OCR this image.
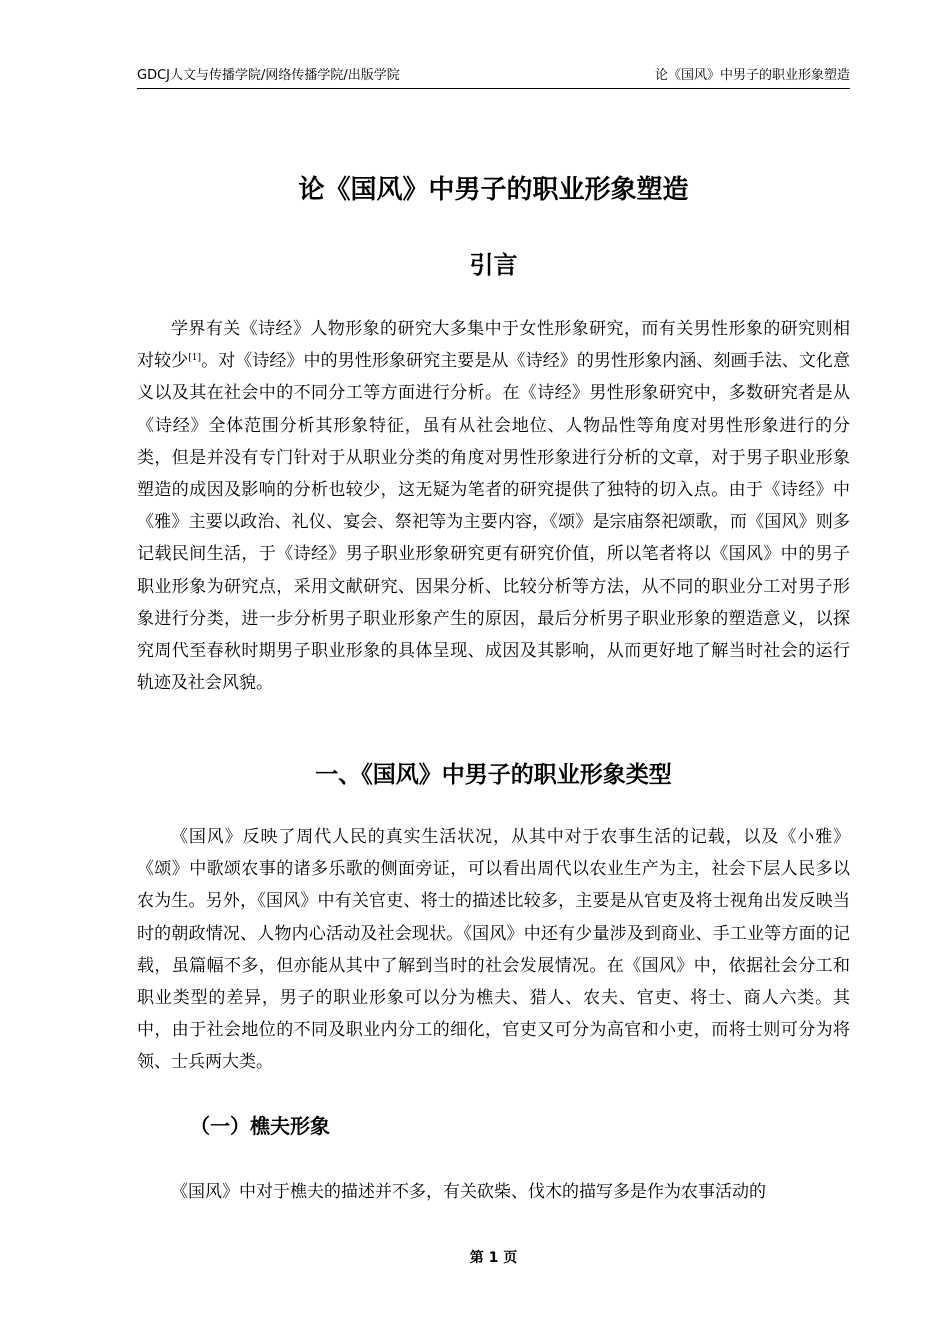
GDCJ人文与传播学院/网络传播学院/出版学院	论《国风》中男子的职业形象塑造
论《国风》中男子的职业形象塑造
引言

学界有关《诗经》人物形象的研究大多集中于女性形象研究，而有关男性形象的研究则相对较少[1]。对《诗经》中的男性形象研究主要是从《诗经》的男性形象内涵、刻画手法、文化意义以及其在社会中的不同分工等方面进行分析。在《诗经》男性形象研究中，多数研究者是从《诗经》全体范围分析其形象特征，虽有从社会地位、人物品性等角度对男性形象进行的分类，但是并没有专门针对于从职业分类的角度对男性形象进行分析的文章，对于男子职业形象塑造的成因及影响的分析也较少，这无疑为笔者的研究提供了独特的切入点。由于《诗经》中《雅》主要以政治、礼仪、宴会、祭祀等为主要内容，《颂》是宗庙祭祀颂歌，而《国风》则多记载民间生活，于《诗经》男子职业形象研究更有研究价值，所以笔者将以《国风》中的男子职业形象为研究点，采用文献研究、因果分析、比较分析等方法，从不同的职业分工对男子形象进行分类，进一步分析男子职业形象产生的原因，最后分析男子职业形象的塑造意义，以探究周代至春秋时期男子职业形象的具体呈现、成因及其影响，从而更好地了解当时社会的运行轨迹及社会风貌。

一、《国风》中男子的职业形象类型

《国风》反映了周代人民的真实生活状况，从其中对于农事生活的记载，以及《小雅》《颂》中歌颂农事的诸多乐歌的侧面旁证，可以看出周代以农业生产为主，社会下层人民多以农为生。另外，《国风》中有关官吏、将士的描述比较多，主要是从官吏及将士视角出发反映当时的朝政情况、人物内心活动及社会现状。《国风》中还有少量涉及到商业、手工业等方面的记载，虽篇幅不多，但亦能从其中了解到当时的社会发展情况。在《国风》中，依据社会分工和职业类型的差异，男子的职业形象可以分为樵夫、猎人、农夫、官吏、将士、商人六类。其中，由于社会地位的不同及职业内分工的细化，官吏又可分为高官和小吏，而将士则可分为将领、士兵两大类。

（一）樵夫形象

《国风》中对于樵夫的描述并不多，有关砍柴、伐木的描写多是作为农事活动的

第 1 页
